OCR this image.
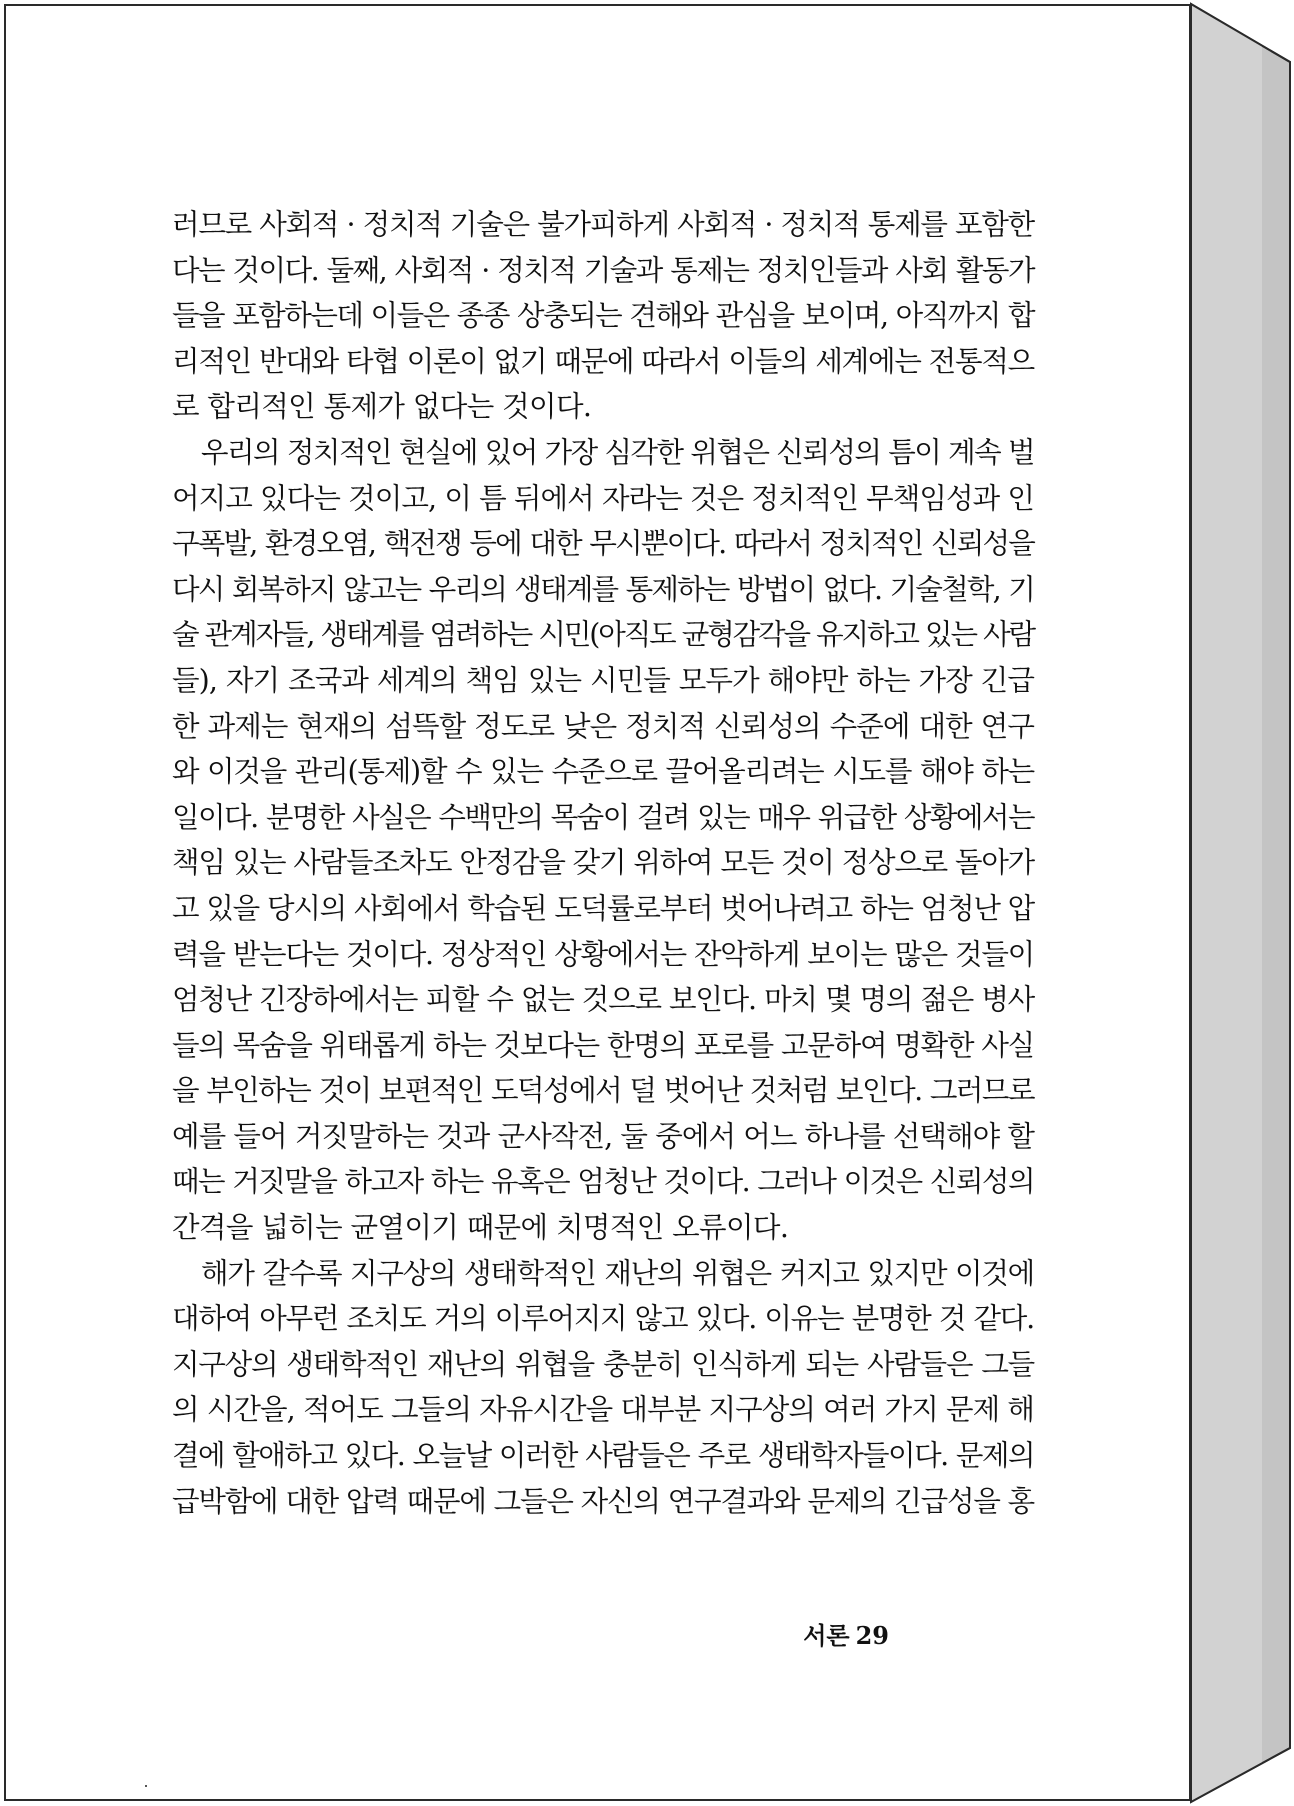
러므로 사회적 · 정치적 기술은 불가피하게 사회적 · 정치적 통제를 포함한
다는 것이다. 둘째, 사회적 · 정치적 기술과 통제는 정치인들과 사회 활동가
들을 포함하는데 이들은 종종 상충되는 견해와 관심을 보이며, 아직까지 합
리적인 반대와 타협 이론이 없기 때문에 따라서 이들의 세계에는 전통적으
로 합리적인 통제가 없다는 것이다.
우리의 정치적인 현실에 있어 가장 심각한 위협은 신뢰성의 틈이 계속 벌
어지고 있다는 것이고, 이 틈 뒤에서 자라는 것은 정치적인 무책임성과 인
구폭발, 환경오염, 핵전쟁 등에 대한 무시뿐이다. 따라서 정치적인 신뢰성을
다시 회복하지 않고는 우리의 생태계를 통제하는 방법이 없다. 기술철학, 기
술 관계자들, 생태계를 염려하는 시민(아직도 균형감각을 유지하고 있는 사람
들), 자기 조국과 세계의 책임 있는 시민들 모두가 해야만 하는 가장 긴급
한 과제는 현재의 섬뜩할 정도로 낮은 정치적 신뢰성의 수준에 대한 연구
와 이것을 관리(통제)할 수 있는 수준으로 끌어올리려는 시도를 해야 하는
일이다. 분명한 사실은 수백만의 목숨이 걸려 있는 매우 위급한 상황에서는
책임 있는 사람들조차도 안정감을 갖기 위하여 모든 것이 정상으로 돌아가
고 있을 당시의 사회에서 학습된 도덕률로부터 벗어나려고 하는 엄청난 압
력을 받는다는 것이다. 정상적인 상황에서는 잔악하게 보이는 많은 것들이
엄청난 긴장하에서는 피할 수 없는 것으로 보인다. 마치 몇 명의 젊은 병사
들의 목숨을 위태롭게 하는 것보다는 한명의 포로를 고문하여 명확한 사실
을 부인하는 것이 보편적인 도덕성에서 덜 벗어난 것처럼 보인다. 그러므로
예를 들어 거짓말하는 것과 군사작전, 둘 중에서 어느 하나를 선택해야 할
때는 거짓말을 하고자 하는 유혹은 엄청난 것이다. 그러나 이것은 신뢰성의
간격을 넓히는 균열이기 때문에 치명적인 오류이다.
해가 갈수록 지구상의 생태학적인 재난의 위협은 커지고 있지만 이것에
대하여 아무런 조치도 거의 이루어지지 않고 있다. 이유는 분명한 것 같다.
지구상의 생태학적인 재난의 위협을 충분히 인식하게 되는 사람들은 그들
의 시간을, 적어도 그들의 자유시간을 대부분 지구상의 여러 가지 문제 해
결에 할애하고 있다. 오늘날 이러한 사람들은 주로 생태학자들이다. 문제의
급박함에 대한 압력 때문에 그들은 자신의 연구결과와 문제의 긴급성을 홍
서론 29
